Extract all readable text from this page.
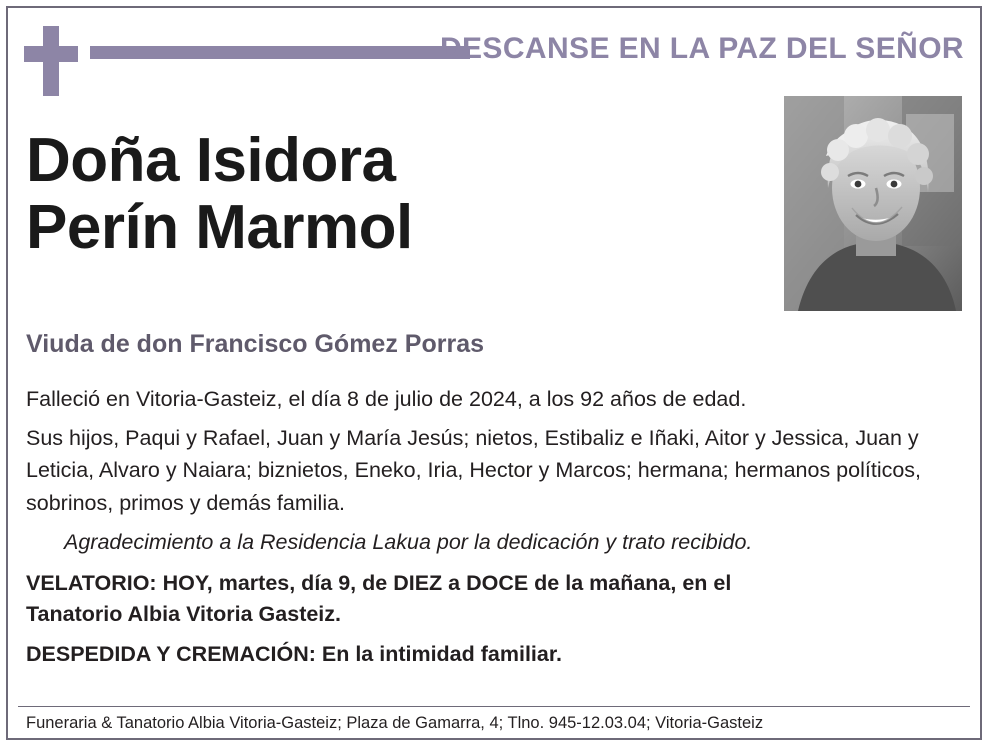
DESCANSE EN LA PAZ DEL SEÑOR
Doña Isidora
Perín Marmol
Viuda de don Francisco Gómez Porras

Falleció en Vitoria-Gasteiz, el día 8 de julio de 2024, a los 92 años de edad.

Sus hijos, Paqui y Rafael, Juan y María Jesús; nietos, Estibaliz e Iñaki, Aitor y Jessica, Juan y Leticia, Alvaro y Naiara; biznietos, Eneko, Iria, Hector y Marcos; hermana; hermanos políticos, sobrinos, primos y demás familia.

Agradecimiento a la Residencia Lakua por la dedicación y trato recibido.

VELATORIO: HOY, martes, día 9, de DIEZ a DOCE de la mañana, en el

Tanatorio Albia Vitoria Gasteiz.

DESPEDIDA Y CREMACIÓN: En la intimidad familiar.

Funeraria & Tanatorio Albia Vitoria-Gasteiz; Plaza de Gamarra, 4; Tlno. 945-12.03.04; Vitoria-Gasteiz
